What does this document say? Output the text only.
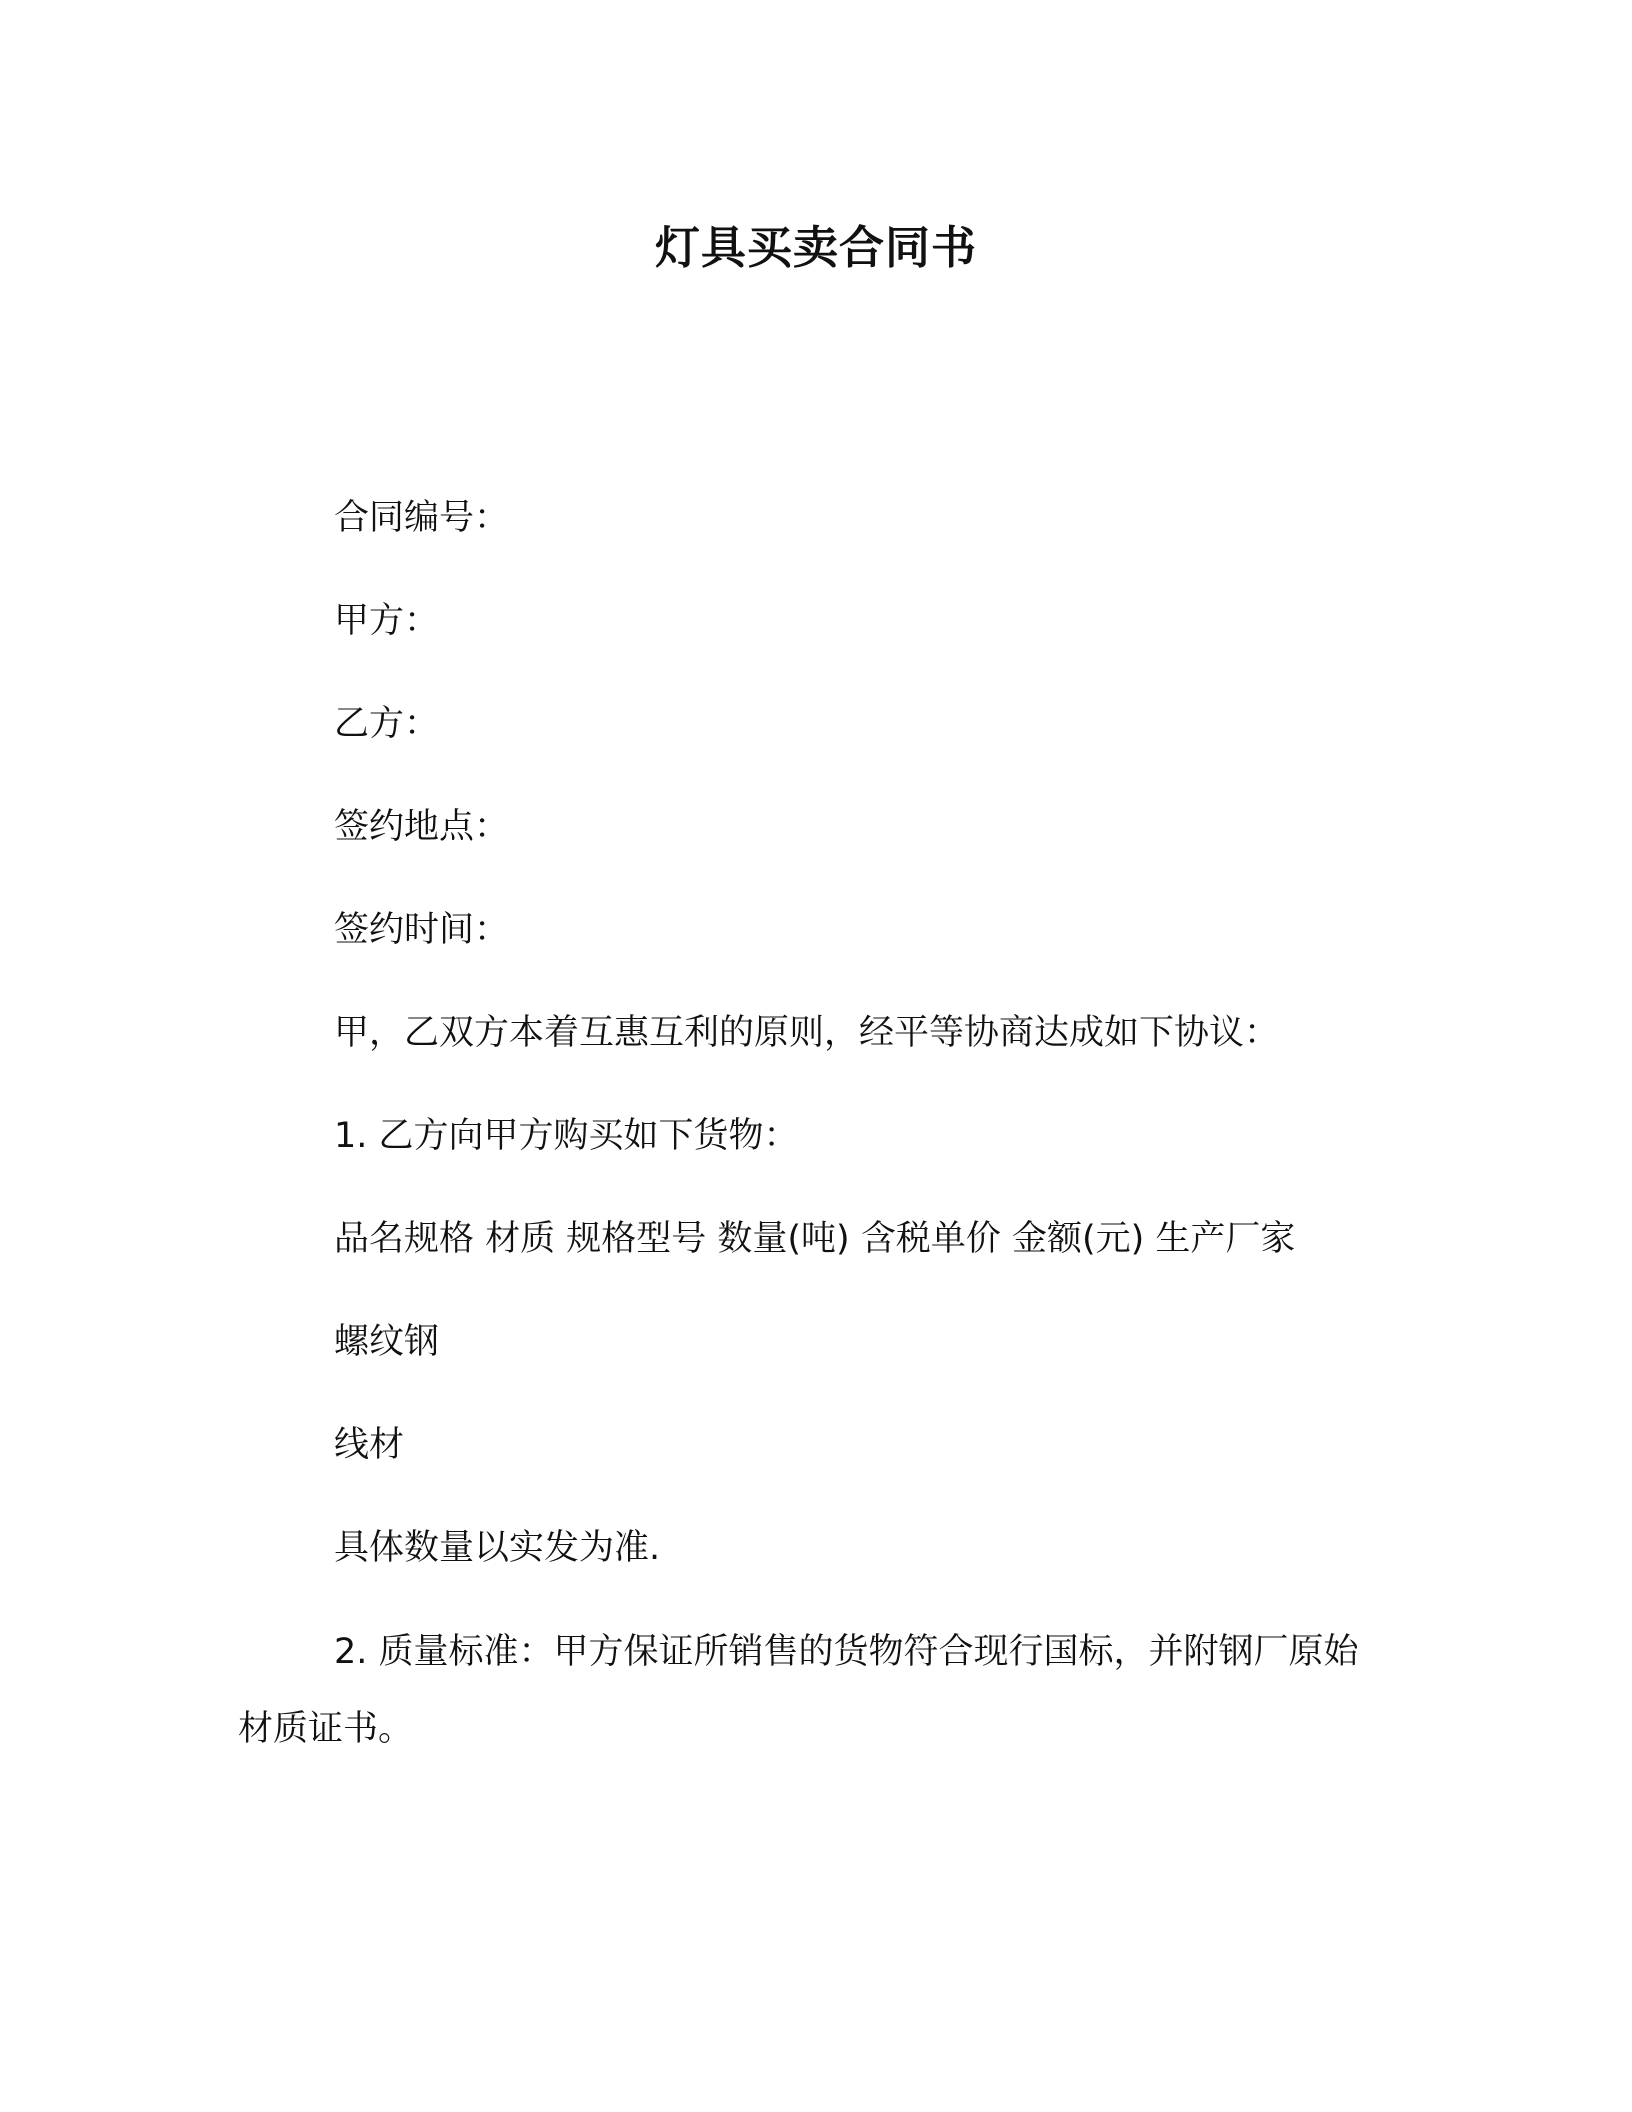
灯具买卖合同书
合同编号：
甲方：
乙方：
签约地点：
签约时间：
甲，乙双方本着互惠互利的原则，经平等协商达成如下协议：
1. 乙方向甲方购买如下货物：
品名规格 材质 规格型号 数量(吨) 含税单价 金额(元) 生产厂家
螺纹钢
线材
具体数量以实发为准.
2. 质量标准：甲方保证所销售的货物符合现行国标，并附钢厂原始材质证书。
